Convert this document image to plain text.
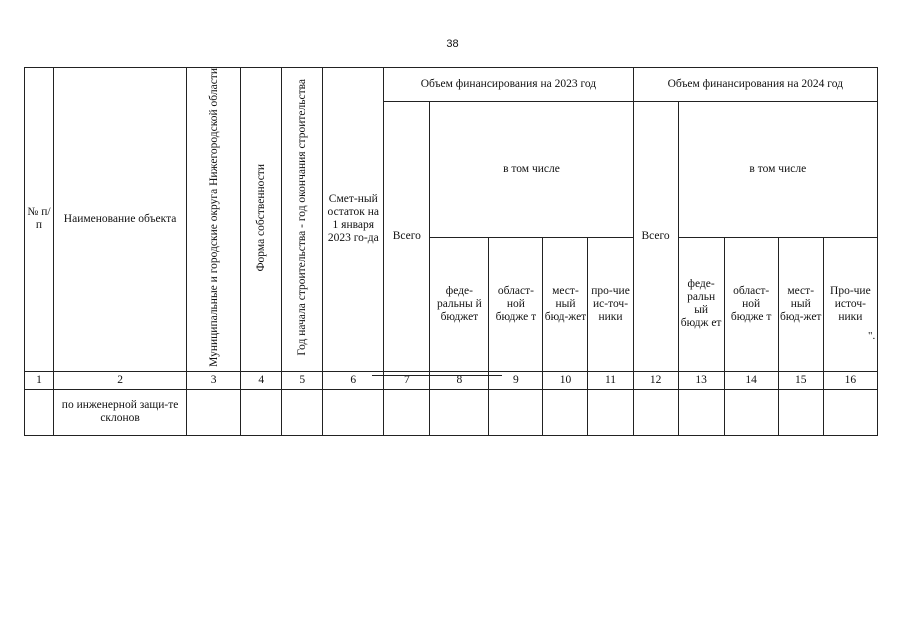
38
№ п/п	Наименование объекта	Муниципальные и городские округа Нижегородской области	Форма собственности	Год начала строительства - год окончания строительства	Смет-ный остаток на 1 января 2023 го-да	Объем финансирования на 2023 год					Объем финансирования на 2024 год				
						Всего	в том числе				Всего	в том числе			
							феде-ральны й бюджет	област-ной бюдже т	мест-ный бюд-жет	про-чие ис-точ-ники		феде-ральн ый бюдж ет	област-ной бюдже т	мест-ный бюд-жет	Про-чие источ-ники
1	2	3	4	5	6	7	8	9	10	11	12	13	14	15	16
	по инженерной защи-те склонов														
".
